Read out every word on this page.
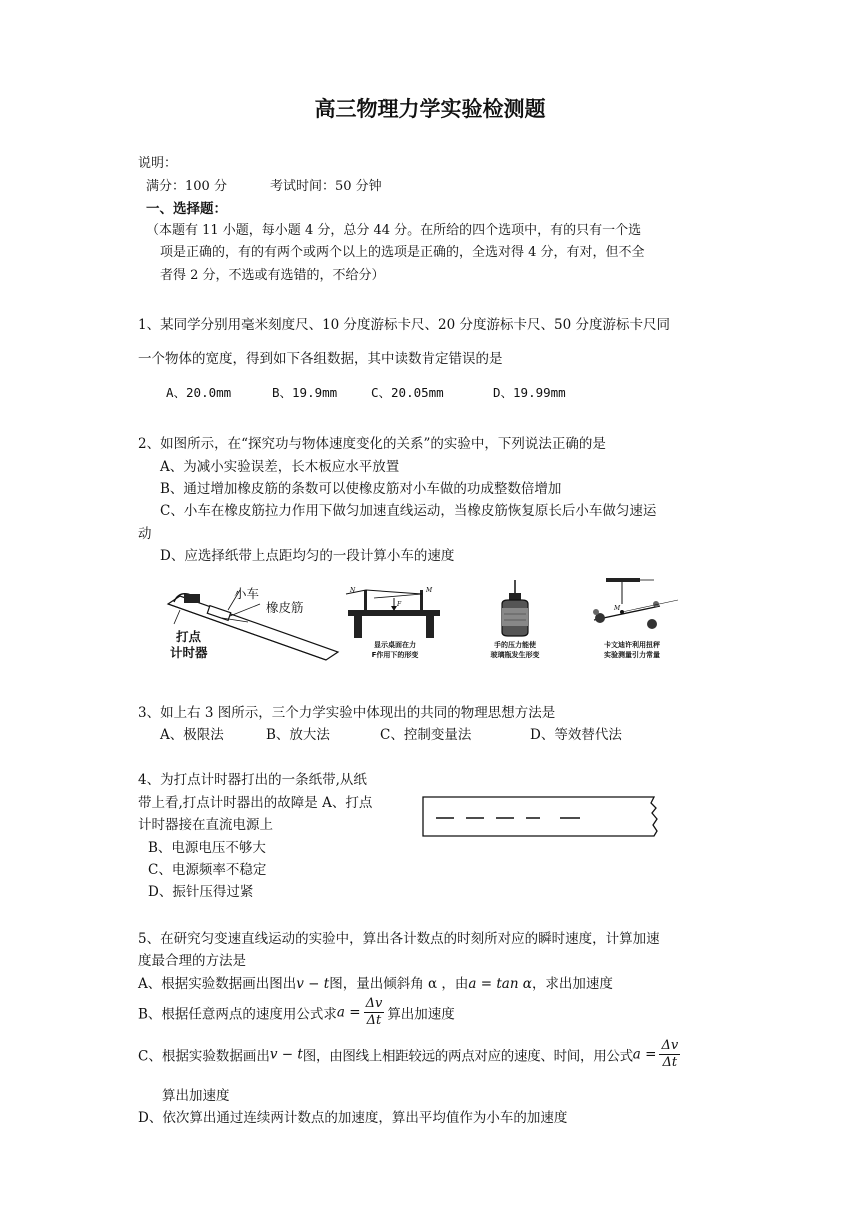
高三物理力学实验检测题
说明：
满分：100 分	考试时间：50 分钟
一、选择题：
（本题有 11 小题，每小题 4 分，总分 44 分。在所给的四个选项中，有的只有一个选
项是正确的，有的有两个或两个以上的选项是正确的，全选对得 4 分，有对，但不全
者得 2 分，不选或有选错的，不给分）
1、某同学分别用毫米刻度尺、10 分度游标卡尺、20 分度游标卡尺、50 分度游标卡尺同
一个物体的宽度，得到如下各组数据，其中读数肯定错误的是
A、20.0mm	B、19.9mm	C、20.05mm	D、19.99mm
2、如图所示，在“探究功与物体速度变化的关系”的实验中，下列说法正确的是
A、为减小实验误差，长木板应水平放置
B、通过增加橡皮筋的条数可以使橡皮筋对小车做的功成整数倍增加
C、小车在橡皮筋拉力作用下做匀加速直线运动，当橡皮筋恢复原长后小车做匀速运
动
D、应选择纸带上点距均匀的一段计算小车的速度
小车
橡皮筋
打点
计时器
N	M
F
显示桌面在力
F作用下的形变
手的压力能使
玻璃瓶发生形变
M
卡文迪许利用扭秤
实验测量引力常量
3、如上右 3 图所示，三个力学实验中体现出的共同的物理思想方法是
A、极限法	B、放大法	C、控制变量法	D、等效替代法
4、为打点计时器打出的一条纸带,从纸
带上看,打点计时器出的故障是 A、打点
计时器接在直流电源上
B、电源电压不够大
C、电源频率不稳定
D、振针压得过紧
5、在研究匀变速直线运动的实验中，算出各计数点的时刻所对应的瞬时速度，计算加速
度最合理的方法是
A、根据实验数据画出图出v − t图，量出倾斜角 α ，由a = tan α，求出加速度
B、根据任意两点的速度用公式求$a = \frac{\Delta v}{\Delta t}$ 算出加速度
C、根据实验数据画出v − t图，由图线上相距较远的两点对应的速度、时间，用公式$a = \frac{\Delta v}{\Delta t}$
算出加速度
D、依次算出通过连续两计数点的加速度，算出平均值作为小车的加速度
